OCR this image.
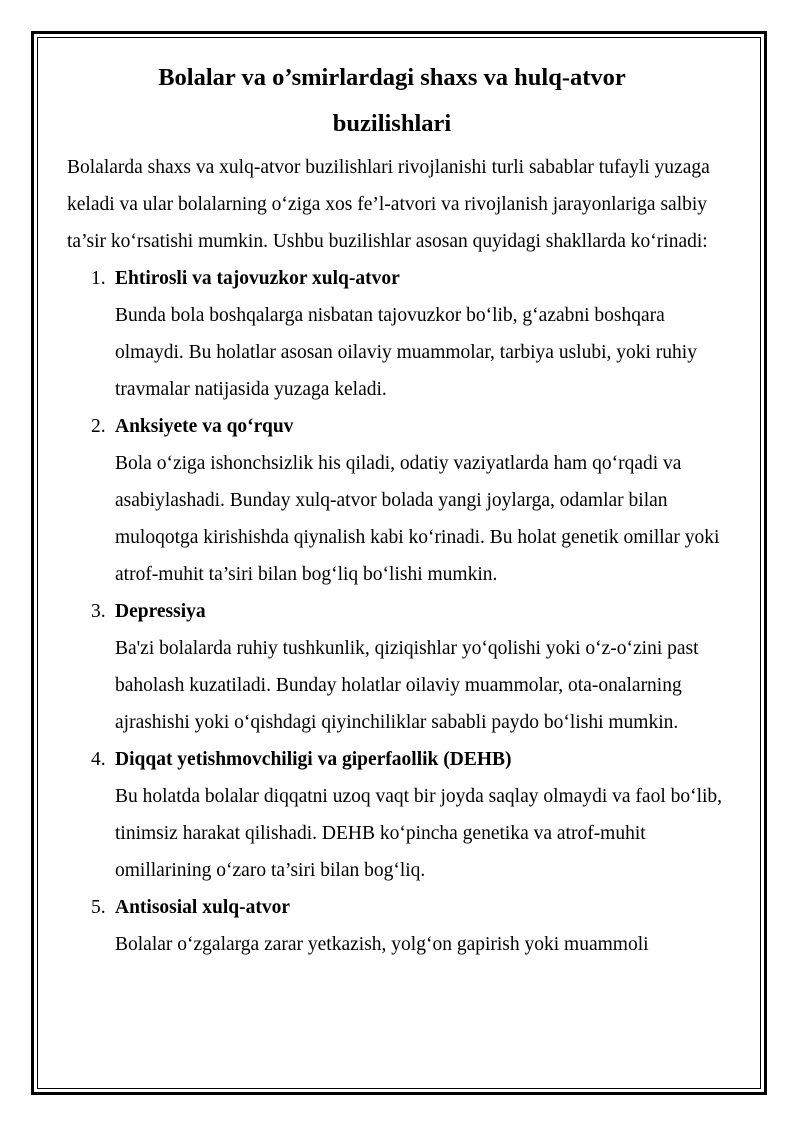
Bolalar va o’smirlardagi shaxs va hulq-atvor buzilishlari

Bolalarda shaxs va xulq-atvor buzilishlari rivojlanishi turli sabablar tufayli yuzaga keladi va ular bolalarning o‘ziga xos fe’l-atvori va rivojlanish jarayonlariga salbiy ta’sir ko‘rsatishi mumkin. Ushbu buzilishlar asosan quyidagi shakllarda ko‘rinadi:

1. Ehtirosli va tajovuzkor xulq-atvor
Bunda bola boshqalarga nisbatan tajovuzkor bo‘lib, g‘azabni boshqara olmaydi. Bu holatlar asosan oilaviy muammolar, tarbiya uslubi, yoki ruhiy travmalar natijasida yuzaga keladi.
2. Anksiyete va qo‘rquv
Bola o‘ziga ishonchsizlik his qiladi, odatiy vaziyatlarda ham qo‘rqadi va asabiylashadi. Bunday xulq-atvor bolada yangi joylarga, odamlar bilan muloqotga kirishishda qiynalish kabi ko‘rinadi. Bu holat genetik omillar yoki atrof-muhit ta’siri bilan bog‘liq bo‘lishi mumkin.
3. Depressiya
Ba'zi bolalarda ruhiy tushkunlik, qiziqishlar yo‘qolishi yoki o‘z-o‘zini past baholash kuzatiladi. Bunday holatlar oilaviy muammolar, ota-onalarning ajrashishi yoki o‘qishdagi qiyinchiliklar sababli paydo bo‘lishi mumkin.
4. Diqqat yetishmovchiligi va giperfaollik (DEHB)
Bu holatda bolalar diqqatni uzoq vaqt bir joyda saqlay olmaydi va faol bo‘lib, tinimsiz harakat qilishadi. DEHB ko‘pincha genetika va atrof-muhit omillarining o‘zaro ta’siri bilan bog‘liq.
5. Antisosial xulq-atvor
Bolalar o‘zgalarga zarar yetkazish, yolg‘on gapirish yoki muammoli
